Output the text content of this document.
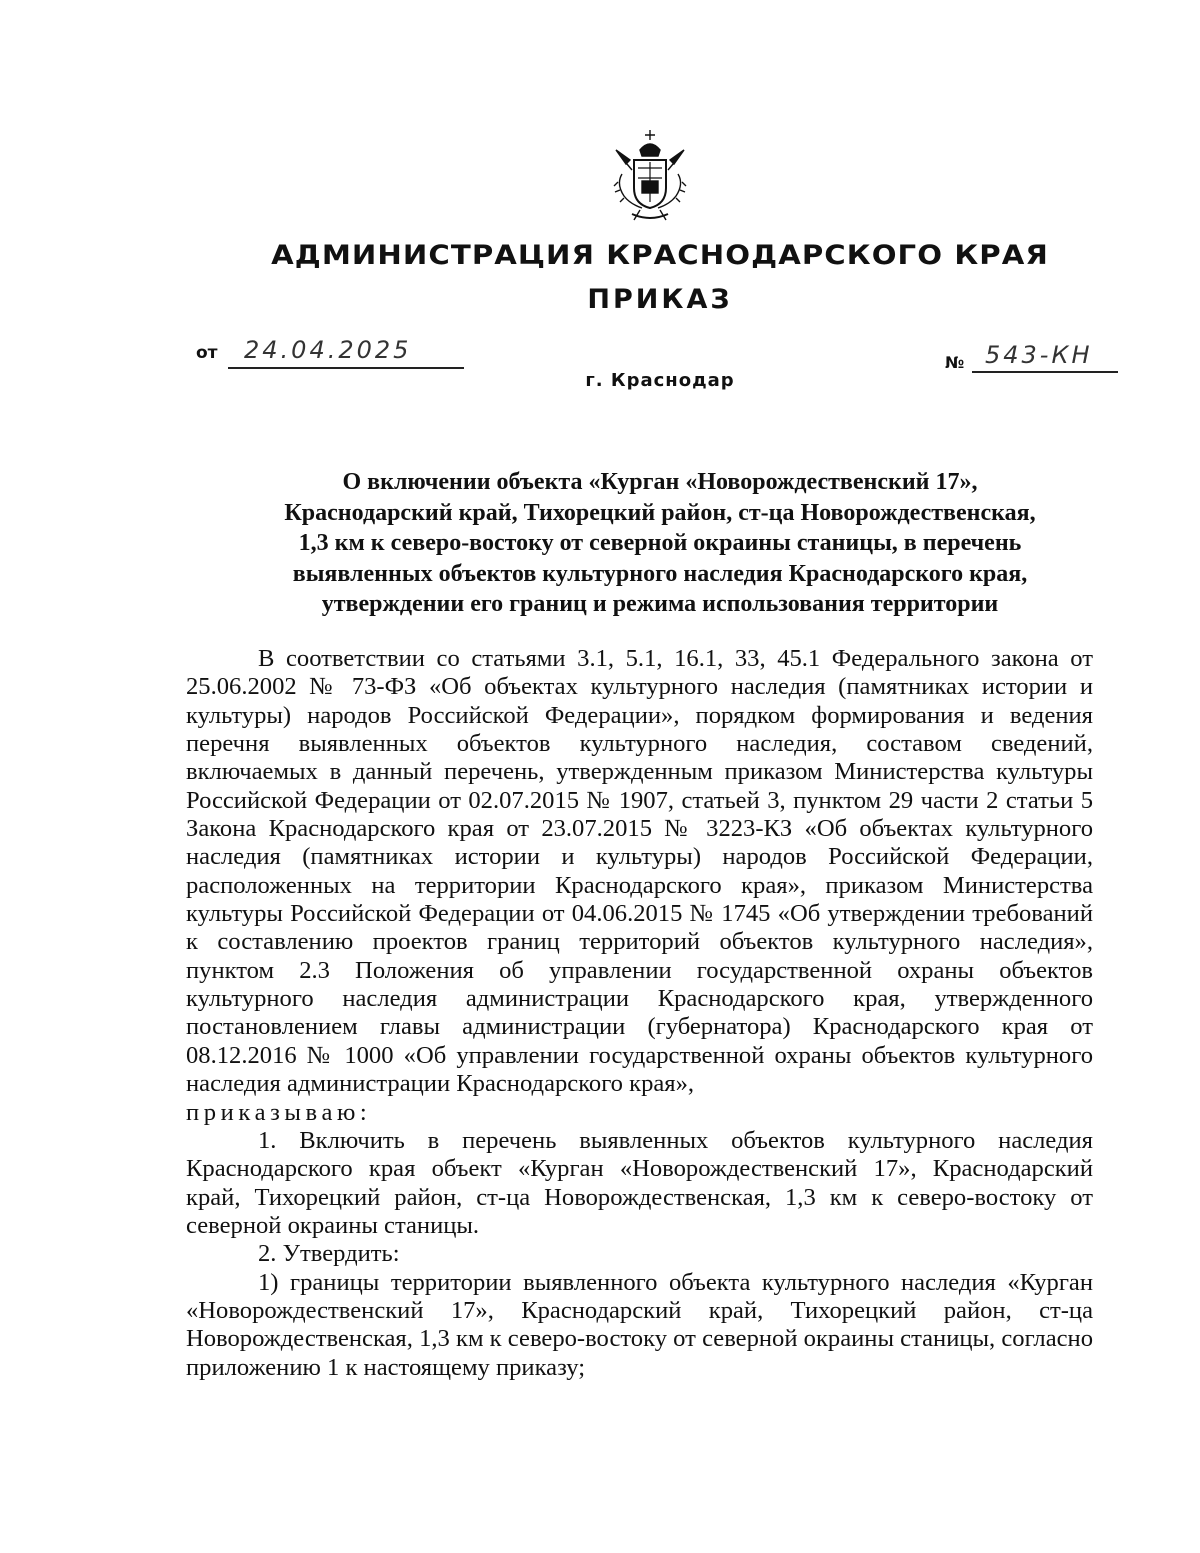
АДМИНИСТРАЦИЯ КРАСНОДАРСКОГО КРАЯ
ПРИКАЗ
от 24.04.2025	№ 543-КН
г. Краснодар
О включении объекта «Курган «Новорождественский 17»,
Краснодарский край, Тихорецкий район, ст-ца Новорождественская,
1,3 км к северо-востоку от северной окраины станицы, в перечень
выявленных объектов культурного наследия Краснодарского края,
утверждении его границ и режима использования территории

В соответствии со статьями 3.1, 5.1, 16.1, 33, 45.1 Федерального закона от 25.06.2002 № 73-ФЗ «Об объектах культурного наследия (памятниках истории и культуры) народов Российской Федерации», порядком формирования и ведения перечня выявленных объектов культурного наследия, составом сведений, включаемых в данный перечень, утвержденным приказом Министерства культуры Российской Федерации от 02.07.2015 № 1907, статьей 3, пунктом 29 части 2 статьи 5 Закона Краснодарского края от 23.07.2015 № 3223-КЗ «Об объектах культурного наследия (памятниках истории и культуры) народов Российской Федерации, расположенных на территории Краснодарского края», приказом Министерства культуры Российской Федерации от 04.06.2015 № 1745 «Об утверждении требований к составлению проектов границ территорий объектов культурного наследия», пунктом 2.3 Положения об управлении государственной охраны объектов культурного наследия администрации Краснодарского края, утвержденного постановлением главы администрации (губернатора) Краснодарского края от 08.12.2016 № 1000 «Об управлении государственной охраны объектов культурного наследия администрации Краснодарского края»,

приказываю:

1. Включить в перечень выявленных объектов культурного наследия Краснодарского края объект «Курган «Новорождественский 17», Краснодарский край, Тихорецкий район, ст-ца Новорождественская, 1,3 км к северо-востоку от северной окраины станицы.

2. Утвердить:

1) границы территории выявленного объекта культурного наследия «Курган «Новорождественский 17», Краснодарский край, Тихорецкий район, ст-ца Новорождественская, 1,3 км к северо-востоку от северной окраины станицы, согласно приложению 1 к настоящему приказу;
